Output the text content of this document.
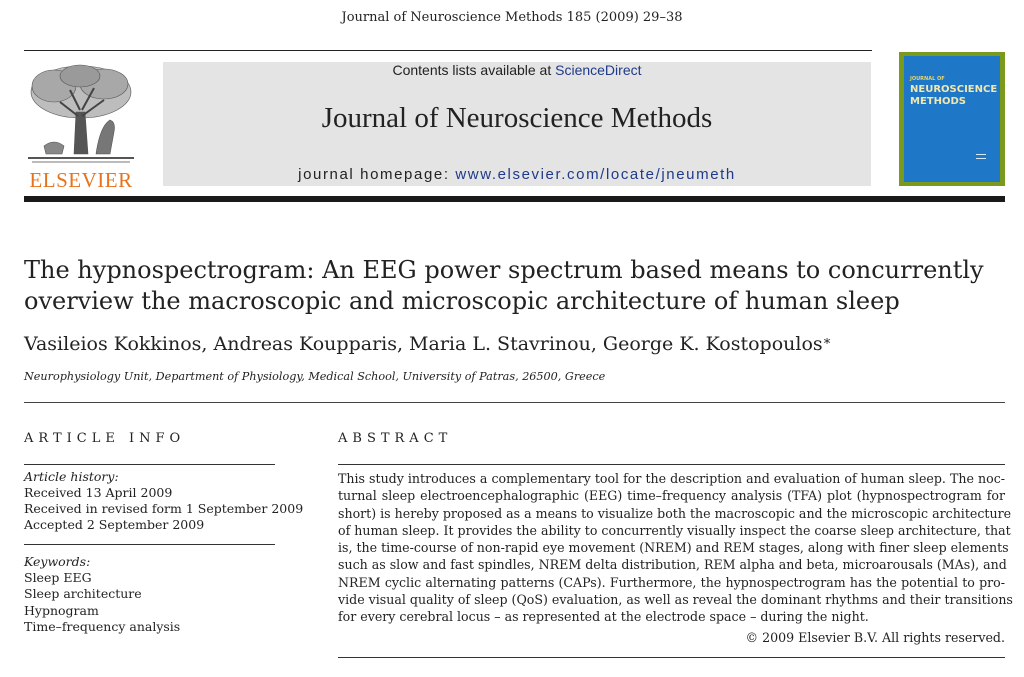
Journal of Neuroscience Methods 185 (2009) 29–38
ELSEVIER
Contents lists available at ScienceDirect
Journal of Neuroscience Methods
journal homepage: www.elsevier.com/locate/jneumeth
JOURNAL OF
NEUROSCIENCE
METHODS
The hypnospectrogram: An EEG power spectrum based means to concurrently
overview the macroscopic and microscopic architecture of human sleep
Vasileios Kokkinos, Andreas Koupparis, Maria L. Stavrinou, George K. Kostopoulos∗
Neurophysiology Unit, Department of Physiology, Medical School, University of Patras, 26500, Greece
ARTICLE INFO	ABSTRACT
Article history:
Received 13 April 2009
Received in revised form 1 September 2009
Accepted 2 September 2009
Keywords:
Sleep EEG
Sleep architecture
Hypnogram
Time–frequency analysis
This study introduces a complementary tool for the description and evaluation of human sleep. The noc-
turnal sleep electroencephalographic (EEG) time–frequency analysis (TFA) plot (hypnospectrogram for
short) is hereby proposed as a means to visualize both the macroscopic and the microscopic architecture
of human sleep. It provides the ability to concurrently visually inspect the coarse sleep architecture, that
is, the time-course of non-rapid eye movement (NREM) and REM stages, along with finer sleep elements
such as slow and fast spindles, NREM delta distribution, REM alpha and beta, microarousals (MAs), and
NREM cyclic alternating patterns (CAPs). Furthermore, the hypnospectrogram has the potential to pro-
vide visual quality of sleep (QoS) evaluation, as well as reveal the dominant rhythms and their transitions
for every cerebral locus – as represented at the electrode space – during the night.
© 2009 Elsevier B.V. All rights reserved.
